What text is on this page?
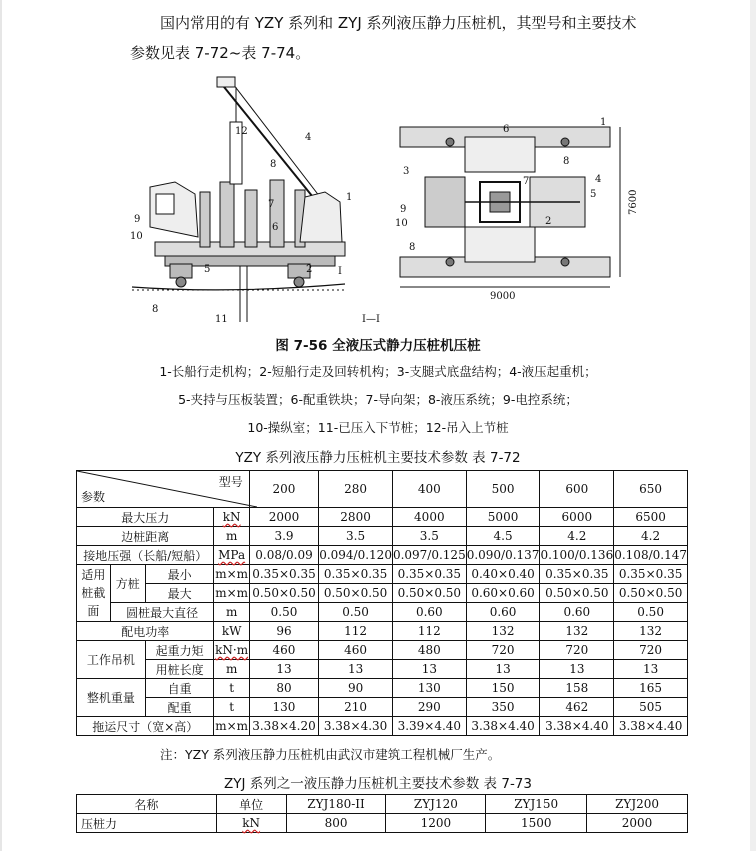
国内常用的有 YZY 系列和 ZYJ 系列液压静力压桩机，其型号和主要技术参数见表 7-72~表 7-74。
12
4
8
7
6
9
10
1
5	2
8
11
I
I—I
9000
7600
1
6
3
8
7	4
5
9
10	2
8
图 7-56 全液压式静力压桩机压桩
1-长船行走机构；2-短船行走及回转机构；3-支腿式底盘结构；4-液压起重机；
5-夹持与压板装置；6-配重铁块；7-导向架；8-液压系统；9-电控系统；
10-操纵室；11-已压入下节桩；12-吊入上节桩
YZY 系列液压静力压桩机主要技术参数 表 7-72
型号
参数				200	280	400	500	600	650
最大压力			kN	2000	2800	4000	5000	6000	6500
边桩距离			m	3.9	3.5	3.5	4.5	4.2	4.2
接地压强（长船/短船）			MPa	0.08/0.09	0.094/0.120	0.097/0.125	0.090/0.137	0.100/0.136	0.108/0.147
适用桩截面	方桩	最小	m×m	0.35×0.35	0.35×0.35	0.35×0.35	0.40×0.40	0.35×0.35	0.35×0.35
		最大	m×m	0.50×0.50	0.50×0.50	0.50×0.50	0.60×0.60	0.50×0.50	0.50×0.50
	圆桩最大直径		m	0.50	0.50	0.60	0.60	0.60	0.50
配电功率			kW	96	112	112	132	132	132
工作吊机		起重力矩	kN·m	460	460	480	720	720	720
		用桩长度	m	13	13	13	13	13	13
整机重量		自重	t	80	90	130	150	158	165
		配重	t	130	210	290	350	462	505
拖运尺寸（宽×高）			m×m	3.38×4.20	3.38×4.30	3.39×4.40	3.38×4.40	3.38×4.40	3.38×4.40
注：YZY 系列液压静力压桩机由武汉市建筑工程机械厂生产。
ZYJ 系列之一液压静力压桩机主要技术参数 表 7-73
名称	单位	ZYJ180-II	ZYJ120	ZYJ150	ZYJ200
压桩力	kN	800	1200	1500	2000
